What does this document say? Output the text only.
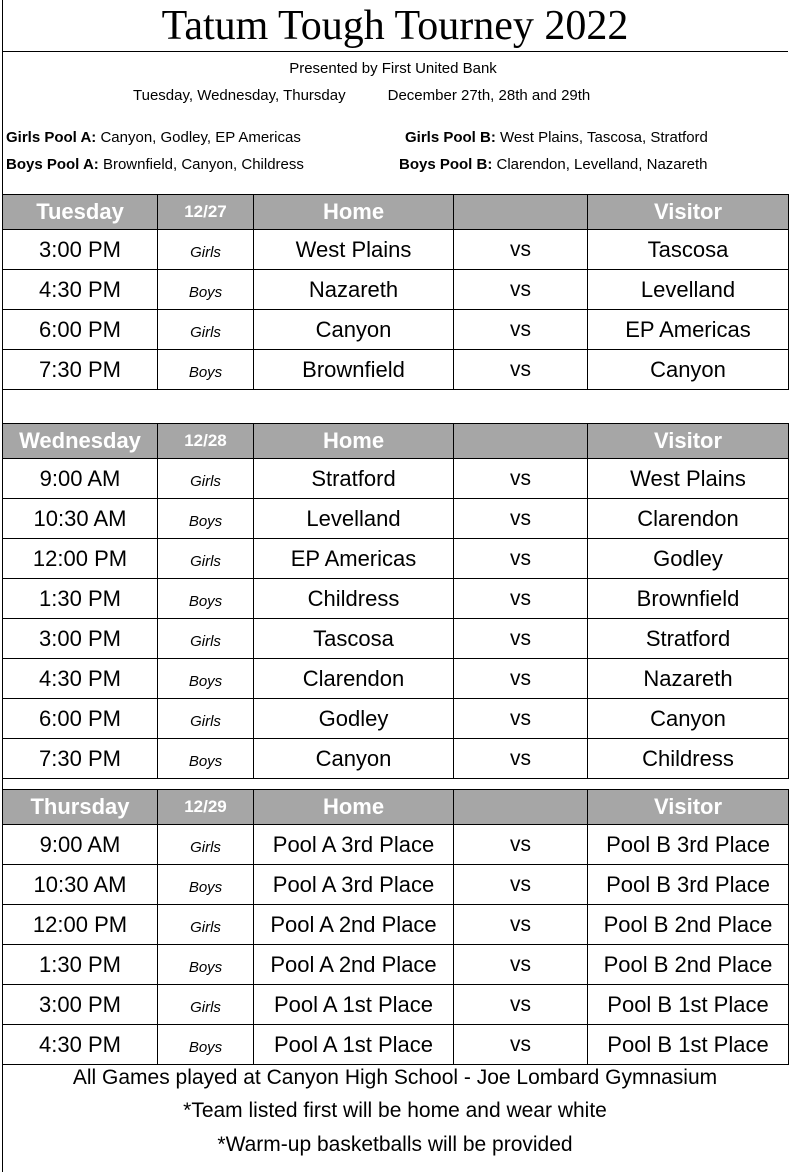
Tatum Tough Tourney 2022
Presented by First United Bank
Tuesday, Wednesday, Thursday	December 27th, 28th and 29th
Girls Pool A: Canyon, Godley, EP Americas	Girls Pool B: West Plains, Tascosa, Stratford
Boys Pool A: Brownfield, Canyon, Childress	Boys Pool B: Clarendon, Levelland, Nazareth
Tuesday	12/27	Home		Visitor
3:00 PM	Girls	West Plains	vs	Tascosa
4:30 PM	Boys	Nazareth	vs	Levelland
6:00 PM	Girls	Canyon	vs	EP Americas
7:30 PM	Boys	Brownfield	vs	Canyon
Wednesday	12/28	Home		Visitor
9:00 AM	Girls	Stratford	vs	West Plains
10:30 AM	Boys	Levelland	vs	Clarendon
12:00 PM	Girls	EP Americas	vs	Godley
1:30 PM	Boys	Childress	vs	Brownfield
3:00 PM	Girls	Tascosa	vs	Stratford
4:30 PM	Boys	Clarendon	vs	Nazareth
6:00 PM	Girls	Godley	vs	Canyon
7:30 PM	Boys	Canyon	vs	Childress
Thursday	12/29	Home		Visitor
9:00 AM	Girls	Pool A 3rd Place	vs	Pool B 3rd Place
10:30 AM	Boys	Pool A 3rd Place	vs	Pool B 3rd Place
12:00 PM	Girls	Pool A 2nd Place	vs	Pool B 2nd Place
1:30 PM	Boys	Pool A 2nd Place	vs	Pool B 2nd Place
3:00 PM	Girls	Pool A 1st Place	vs	Pool B 1st Place
4:30 PM	Boys	Pool A 1st Place	vs	Pool B 1st Place
All Games played at Canyon High School - Joe Lombard Gymnasium
*Team listed first will be home and wear white
*Warm-up basketballs will be provided
